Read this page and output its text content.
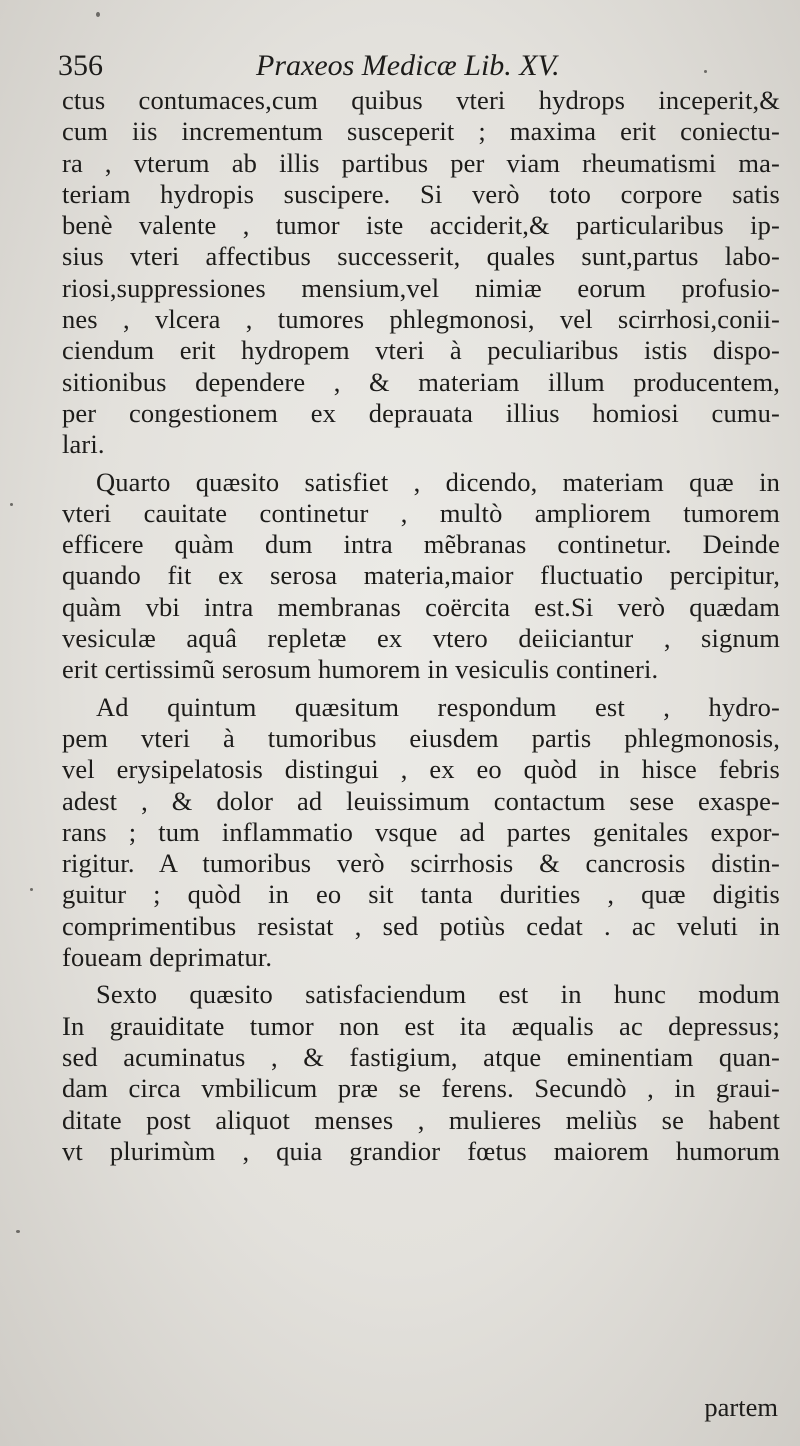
356	Praxeos Medicæ Lib. XV.
ctus contumaces,cum quibus vteri hydrops inceperit,&
cum iis incrementum susceperit ; maxima erit coniectu-
ra , vterum ab illis partibus per viam rheumatismi ma-
teriam hydropis suscipere. Si verò toto corpore satis
benè valente , tumor iste acciderit,& particularibus ip-
sius vteri affectibus successerit, quales sunt,partus labo-
riosi,suppressiones mensium,vel nimiæ eorum profusio-
nes , vlcera , tumores phlegmonosi, vel scirrhosi,conii-
ciendum erit hydropem vteri à peculiaribus istis dispo-
sitionibus dependere , & materiam illum producentem,
per congestionem ex deprauata illius homiosi cumu-
lari.
Quarto quæsito satisfiet , dicendo, materiam quæ in
vteri cauitate continetur , multò ampliorem tumorem
efficere quàm dum intra mẽbranas continetur. Deinde
quando fit ex serosa materia,maior fluctuatio percipitur,
quàm vbi intra membranas coërcita est.Si verò quædam
vesiculæ aquâ repletæ ex vtero deiiciantur , signum
erit certissimũ serosum humorem in vesiculis contineri.
Ad quintum quæsitum respondum est , hydro-
pem vteri à tumoribus eiusdem partis phlegmonosis,
vel erysipelatosis distingui , ex eo quòd in hisce febris
adest , & dolor ad leuissimum contactum sese exaspe-
rans ; tum inflammatio vsque ad partes genitales expor-
rigitur. A tumoribus verò scirrhosis & cancrosis distin-
guitur ; quòd in eo sit tanta durities , quæ digitis
comprimentibus resistat , sed potiùs cedat . ac veluti in
foueam deprimatur.
Sexto quæsito satisfaciendum est in hunc modum
In grauiditate tumor non est ita æqualis ac depressus;
sed acuminatus , & fastigium, atque eminentiam quan-
dam circa vmbilicum præ se ferens. Secundò , in graui-
ditate post aliquot menses , mulieres meliùs se habent
vt plurimùm , quia grandior fœtus maiorem humorum
partem
